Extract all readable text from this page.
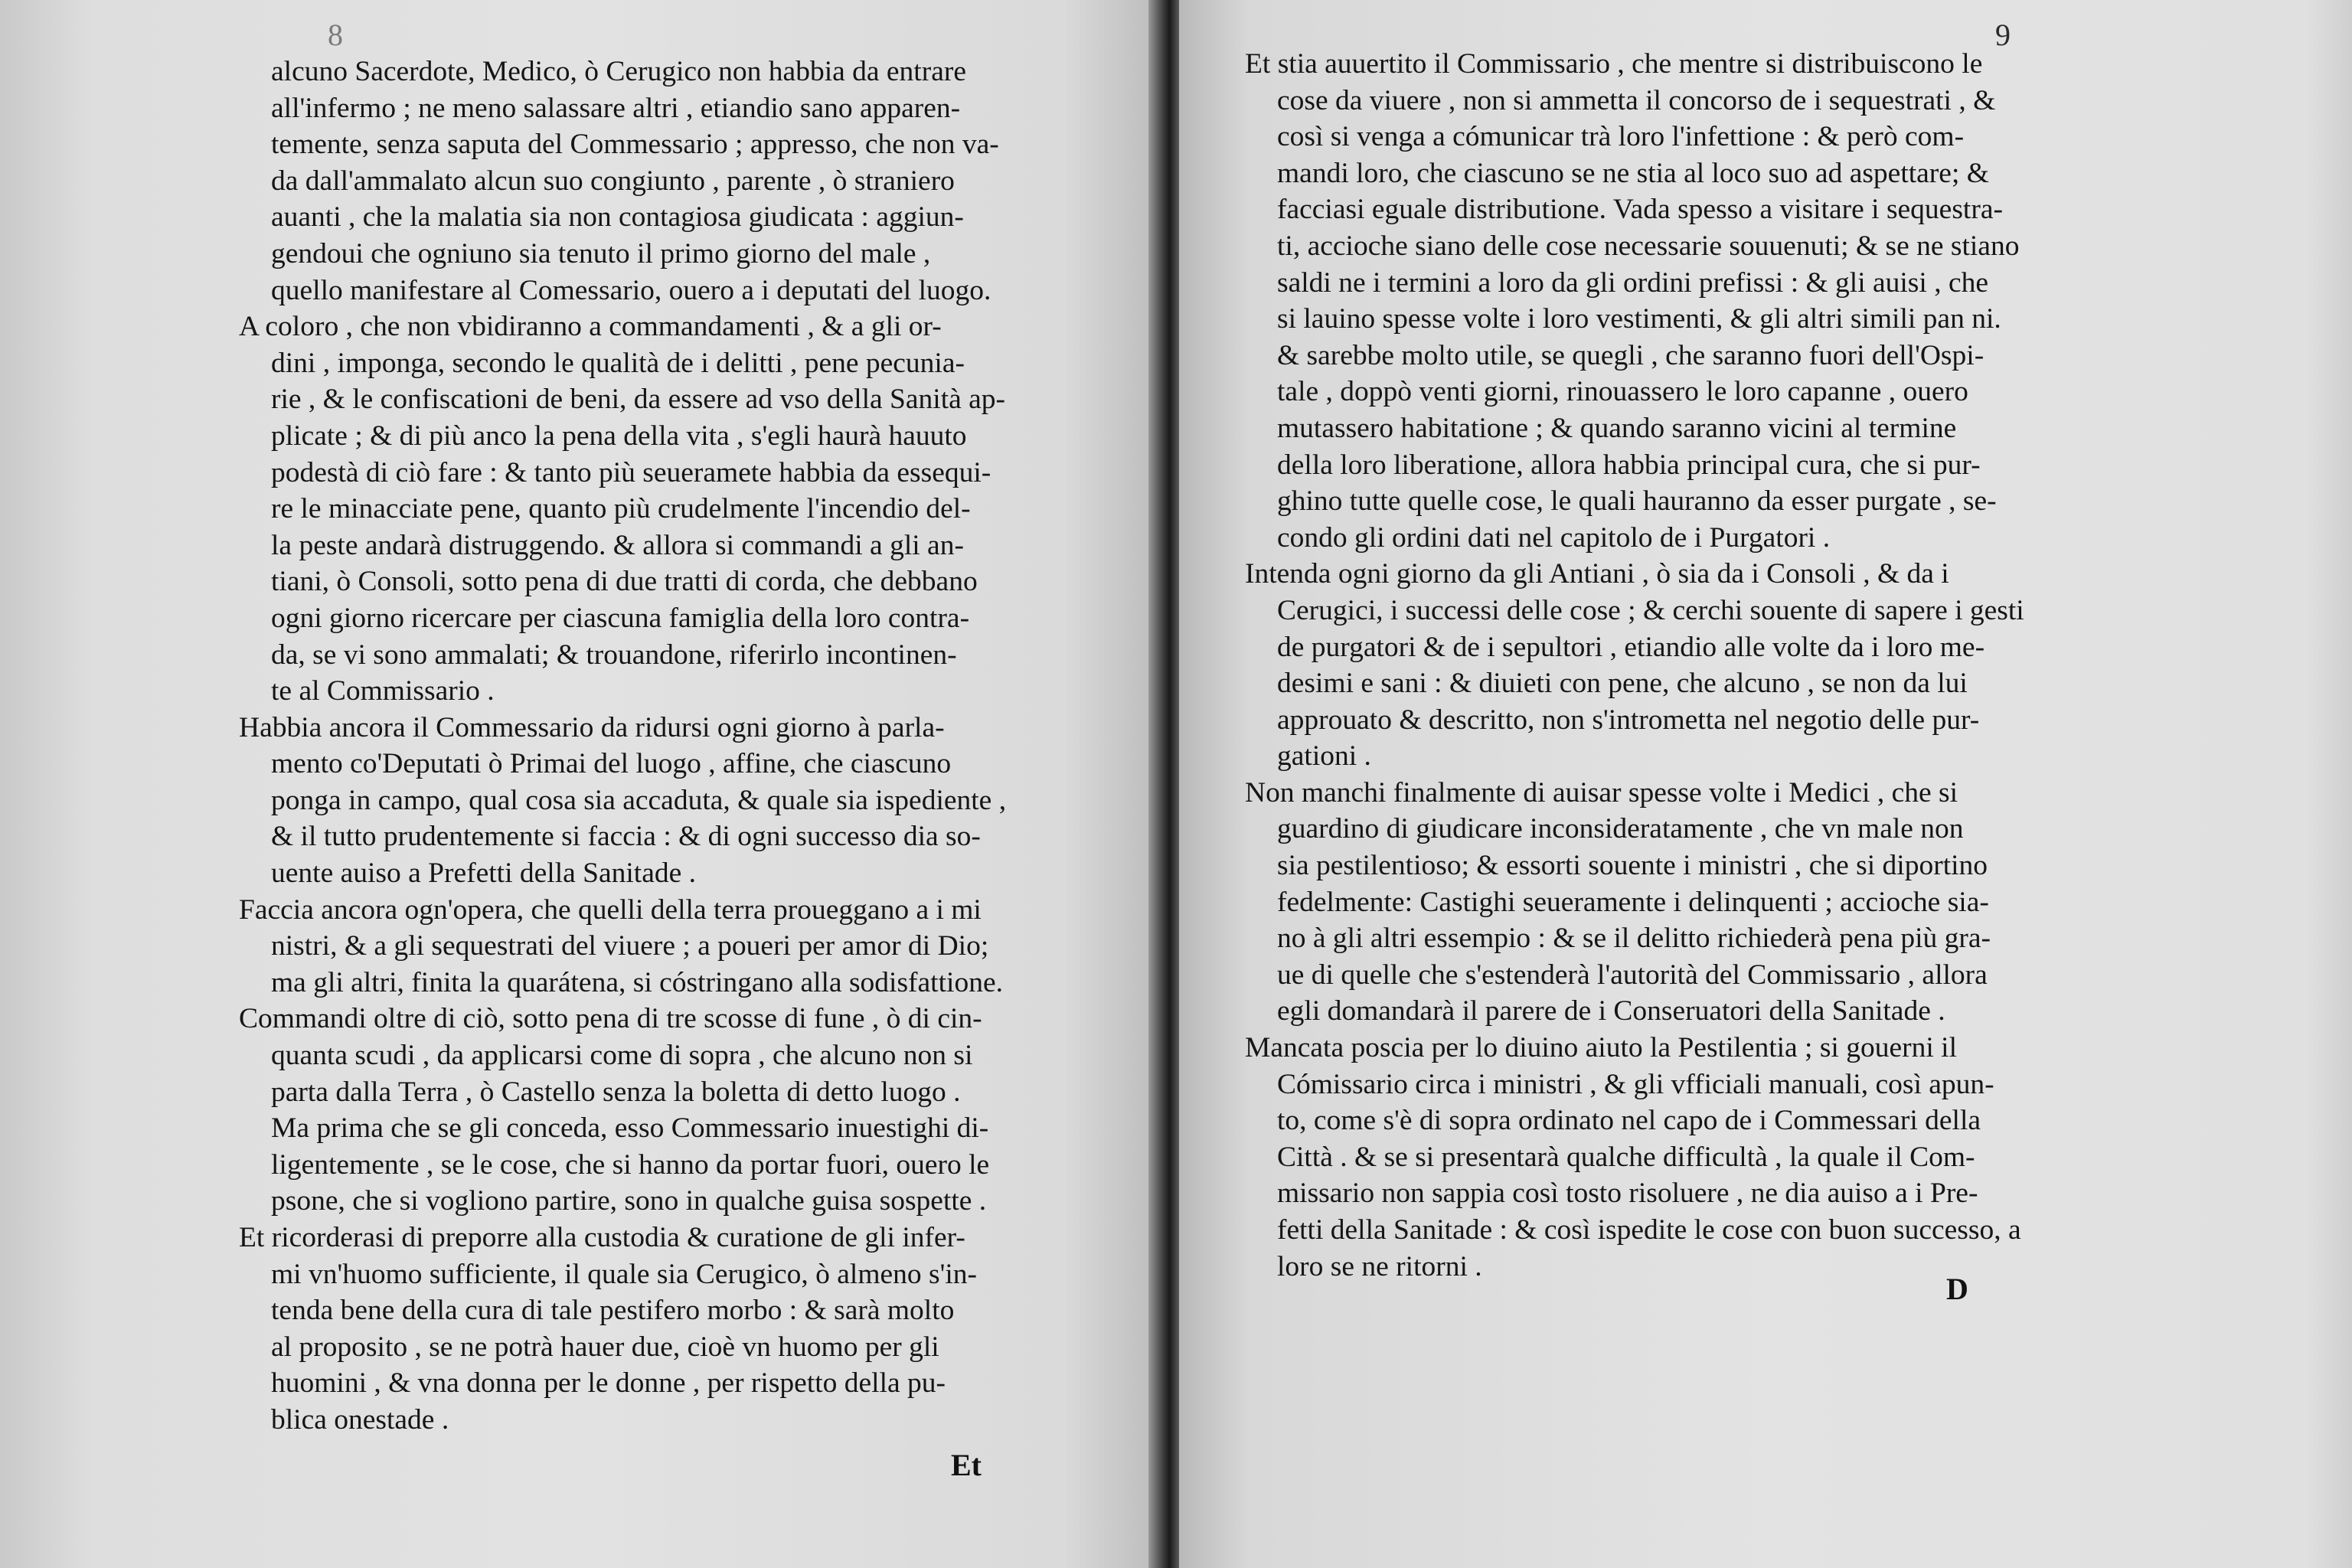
8
alcuno Sacerdote, Medico, ò Cerugico non habbia da entrare
all'infermo ; ne meno salassare altri , etiandio sano apparen-
temente, senza saputa del Commessario ; appresso, che non va-
da dall'ammalato alcun suo congiunto , parente , ò straniero
auanti , che la malatia sia non contagiosa giudicata : aggiun-
gendoui che ogniuno sia tenuto il primo giorno del male ,
quello manifestare al Comessario, ouero a i deputati del luogo.
A coloro , che non vbidiranno a commandamenti , & a gli or-
dini , imponga, secondo le qualità de i delitti , pene pecunia-
rie , & le confiscationi de beni, da essere ad vso della Sanità ap-
plicate ; & di più anco la pena della vita , s'egli haurà hauuto
podestà di ciò fare : & tanto più seueramete habbia da essequi-
re le minacciate pene, quanto più crudelmente l'incendio del-
la peste andarà distruggendo. & allora si commandi a gli an-
tiani, ò Consoli, sotto pena di due tratti di corda, che debbano
ogni giorno ricercare per ciascuna famiglia della loro contra-
da, se vi sono ammalati; & trouandone, riferirlo incontinen-
te al Commissario .
Habbia ancora il Commessario da ridursi ogni giorno à parla-
mento co'Deputati ò Primai del luogo , affine, che ciascuno
ponga in campo, qual cosa sia accaduta, & quale sia ispediente ,
& il tutto prudentemente si faccia : & di ogni successo dia so-
uente auiso a Prefetti della Sanitade .
Faccia ancora ogn'opera, che quelli della terra proueggano a i mi
nistri, & a gli sequestrati del viuere ; a poueri per amor di Dio;
ma gli altri, finita la quarátena, si cóstringano alla sodisfattione.
Commandi oltre di ciò, sotto pena di tre scosse di fune , ò di cin-
quanta scudi , da applicarsi come di sopra , che alcuno non si
parta dalla Terra , ò Castello senza la boletta di detto luogo .
Ma prima che se gli conceda, esso Commessario inuestighi di-
ligentemente , se le cose, che si hanno da portar fuori, ouero le
psone, che si vogliono partire, sono in qualche guisa sospette .
Et ricorderasi di preporre alla custodia & curatione de gli infer-
mi vn'huomo sufficiente, il quale sia Cerugico, ò almeno s'in-
tenda bene della cura di tale pestifero morbo : & sarà molto
al proposito , se ne potrà hauer due, cioè vn huomo per gli
huomini , & vna donna per le donne , per rispetto della pu-
blica onestade .
Et
9
Et stia auuertito il Commissario , che mentre si distribuiscono le
cose da viuere , non si ammetta il concorso de i sequestrati , &
così si venga a cómunicar trà loro l'infettione : & però com-
mandi loro, che ciascuno se ne stia al loco suo ad aspettare; &
facciasi eguale distributione. Vada spesso a visitare i sequestra-
ti, accioche siano delle cose necessarie souuenuti; & se ne stiano
saldi ne i termini a loro da gli ordini prefissi : & gli auisi , che
si lauino spesse volte i loro vestimenti, & gli altri simili pan ni.
& sarebbe molto utile, se quegli , che saranno fuori dell'Ospi-
tale , doppò venti giorni, rinouassero le loro capanne , ouero
mutassero habitatione ; & quando saranno vicini al termine
della loro liberatione, allora habbia principal cura, che si pur-
ghino tutte quelle cose, le quali hauranno da esser purgate , se-
condo gli ordini dati nel capitolo de i Purgatori .
Intenda ogni giorno da gli Antiani , ò sia da i Consoli , & da i
Cerugici, i successi delle cose ; & cerchi souente di sapere i gesti
de purgatori & de i sepultori , etiandio alle volte da i loro me-
desimi e sani : & diuieti con pene, che alcuno , se non da lui
approuato & descritto, non s'intrometta nel negotio delle pur-
gationi .
Non manchi finalmente di auisar spesse volte i Medici , che si
guardino di giudicare inconsideratamente , che vn male non
sia pestilentioso; & essorti souente i ministri , che si diportino
fedelmente: Castighi seueramente i delinquenti ; accioche sia-
no à gli altri essempio : & se il delitto richiederà pena più gra-
ue di quelle che s'estenderà l'autorità del Commissario , allora
egli domandarà il parere de i Conseruatori della Sanitade .
Mancata poscia per lo diuino aiuto la Pestilentia ; si gouerni il
Cómissario circa i ministri , & gli vfficiali manuali, così apun-
to, come s'è di sopra ordinato nel capo de i Commessari della
Città . & se si presentarà qualche difficultà , la quale il Com-
missario non sappia così tosto risoluere , ne dia auiso a i Pre-
fetti della Sanitade : & così ispedite le cose con buon successo, a
loro se ne ritorni .
D
